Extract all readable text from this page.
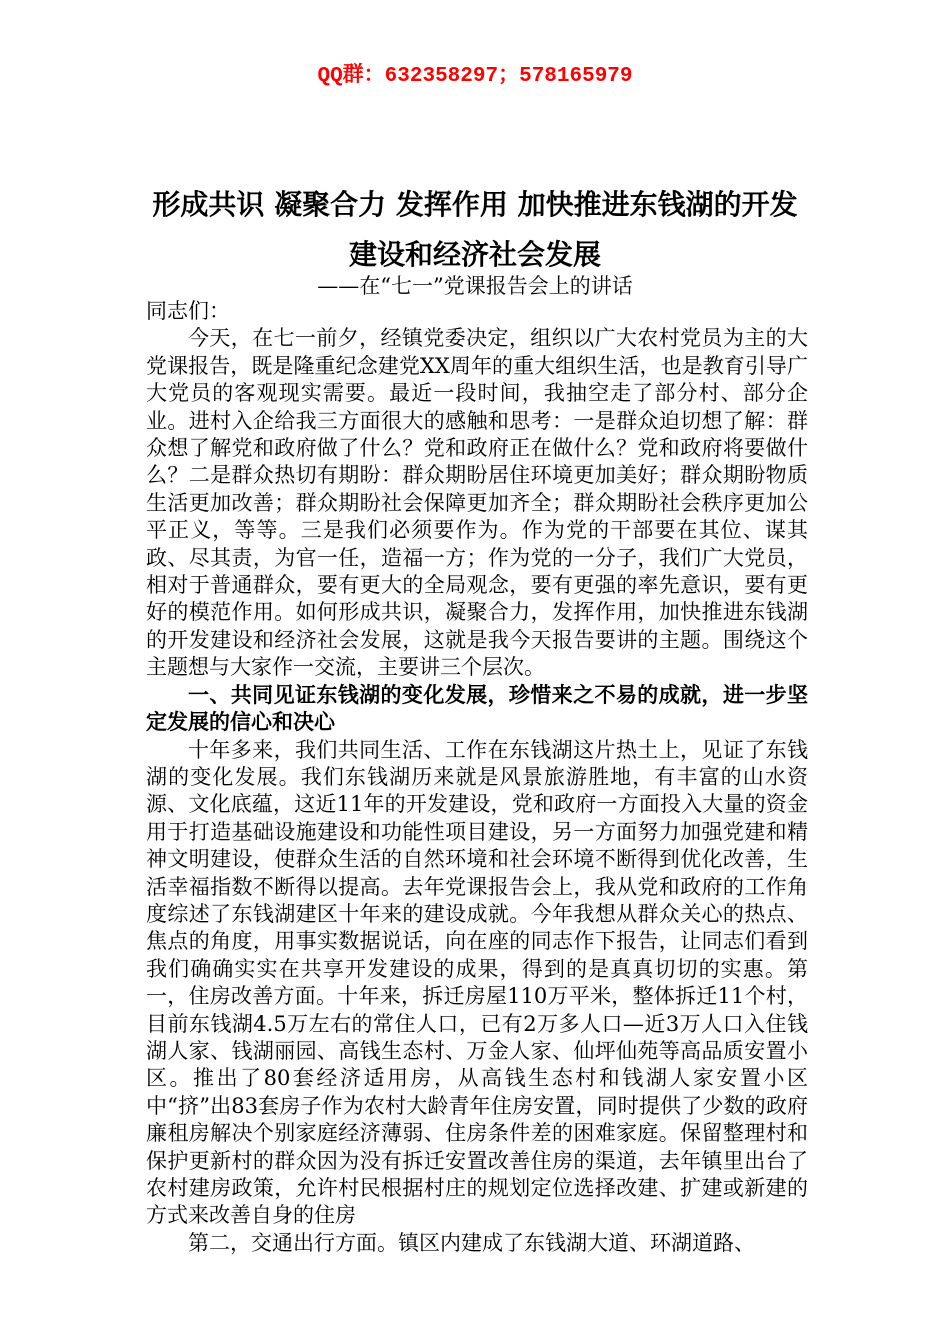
QQ群：632358297；578165979
形成共识 凝聚合力 发挥作用 加快推进东钱湖的开发建设和经济社会发展
——在“七一”党课报告会上的讲话

同志们：

今天，在七一前夕，经镇党委决定，组织以广大农村党员为主的大党课报告，既是隆重纪念建党XX周年的重大组织生活，也是教育引导广大党员的客观现实需要。最近一段时间，我抽空走了部分村、部分企业。进村入企给我三方面很大的感触和思考：一是群众迫切想了解：群众想了解党和政府做了什么？党和政府正在做什么？党和政府将要做什么？二是群众热切有期盼：群众期盼居住环境更加美好；群众期盼物质生活更加改善；群众期盼社会保障更加齐全；群众期盼社会秩序更加公平正义，等等。三是我们必须要作为。作为党的干部要在其位、谋其政、尽其责，为官一任，造福一方；作为党的一分子，我们广大党员，相对于普通群众，要有更大的全局观念，要有更强的率先意识，要有更好的模范作用。如何形成共识，凝聚合力，发挥作用，加快推进东钱湖的开发建设和经济社会发展，这就是我今天报告要讲的主题。围绕这个主题想与大家作一交流，主要讲三个层次。

一、共同见证东钱湖的变化发展，珍惜来之不易的成就，进一步坚定发展的信心和决心

十年多来，我们共同生活、工作在东钱湖这片热土上，见证了东钱湖的变化发展。我们东钱湖历来就是风景旅游胜地，有丰富的山水资源、文化底蕴，这近11年的开发建设，党和政府一方面投入大量的资金用于打造基础设施建设和功能性项目建设，另一方面努力加强党建和精神文明建设，使群众生活的自然环境和社会环境不断得到优化改善，生活幸福指数不断得以提高。去年党课报告会上，我从党和政府的工作角度综述了东钱湖建区十年来的建设成就。今年我想从群众关心的热点、焦点的角度，用事实数据说话，向在座的同志作下报告，让同志们看到我们确确实实在共享开发建设的成果，得到的是真真切切的实惠。第一，住房改善方面。十年来，拆迁房屋110万平米，整体拆迁11个村，目前东钱湖4.5万左右的常住人口，已有2万多人口—近3万人口入住钱湖人家、钱湖丽园、高钱生态村、万金人家、仙坪仙苑等高品质安置小区。推出了80套经济适用房，从高钱生态村和钱湖人家安置小区中“挤”出83套房子作为农村大龄青年住房安置，同时提供了少数的政府廉租房解决个别家庭经济薄弱、住房条件差的困难家庭。保留整理村和保护更新村的群众因为没有拆迁安置改善住房的渠道，去年镇里出台了农村建房政策，允许村民根据村庄的规划定位选择改建、扩建或新建的方式来改善自身的住房

第二，交通出行方面。镇区内建成了东钱湖大道、环湖道路、
